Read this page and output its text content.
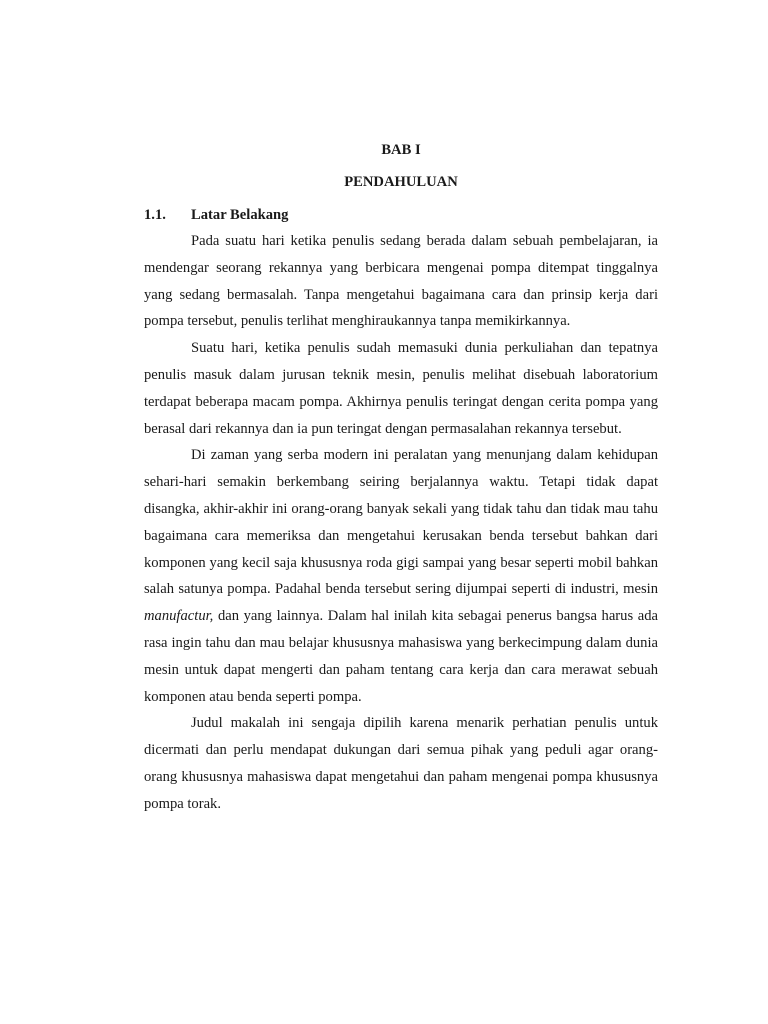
BAB I

PENDAHULUAN

1.1.	Latar Belakang

Pada suatu hari ketika penulis sedang berada dalam sebuah pembelajaran, ia mendengar seorang rekannya yang berbicara mengenai pompa ditempat tinggalnya yang sedang bermasalah. Tanpa mengetahui bagaimana cara dan prinsip kerja dari pompa tersebut, penulis terlihat menghiraukannya tanpa memikirkannya.

Suatu hari, ketika penulis sudah memasuki dunia perkuliahan dan tepatnya penulis masuk dalam jurusan teknik mesin, penulis melihat disebuah laboratorium terdapat beberapa macam pompa. Akhirnya penulis teringat dengan cerita pompa yang berasal dari rekannya dan ia pun teringat dengan permasalahan rekannya tersebut.

Di zaman yang serba modern ini peralatan yang menunjang dalam kehidupan sehari-hari semakin berkembang seiring berjalannya waktu. Tetapi tidak dapat disangka, akhir-akhir ini orang-orang banyak sekali yang tidak tahu dan tidak mau tahu bagaimana cara memeriksa dan mengetahui kerusakan benda tersebut bahkan dari komponen yang kecil saja khususnya roda gigi sampai yang besar seperti mobil bahkan salah satunya pompa. Padahal benda tersebut sering dijumpai seperti di industri, mesin manufactur, dan yang lainnya. Dalam hal inilah kita sebagai penerus bangsa harus ada rasa ingin tahu dan mau belajar khususnya mahasiswa yang berkecimpung dalam dunia mesin untuk dapat mengerti dan paham tentang cara kerja dan cara merawat sebuah komponen atau benda seperti pompa.

Judul makalah ini sengaja dipilih karena menarik perhatian penulis untuk dicermati dan perlu mendapat dukungan dari semua pihak yang peduli agar orang-orang khususnya mahasiswa dapat mengetahui dan paham mengenai pompa khususnya pompa torak.
